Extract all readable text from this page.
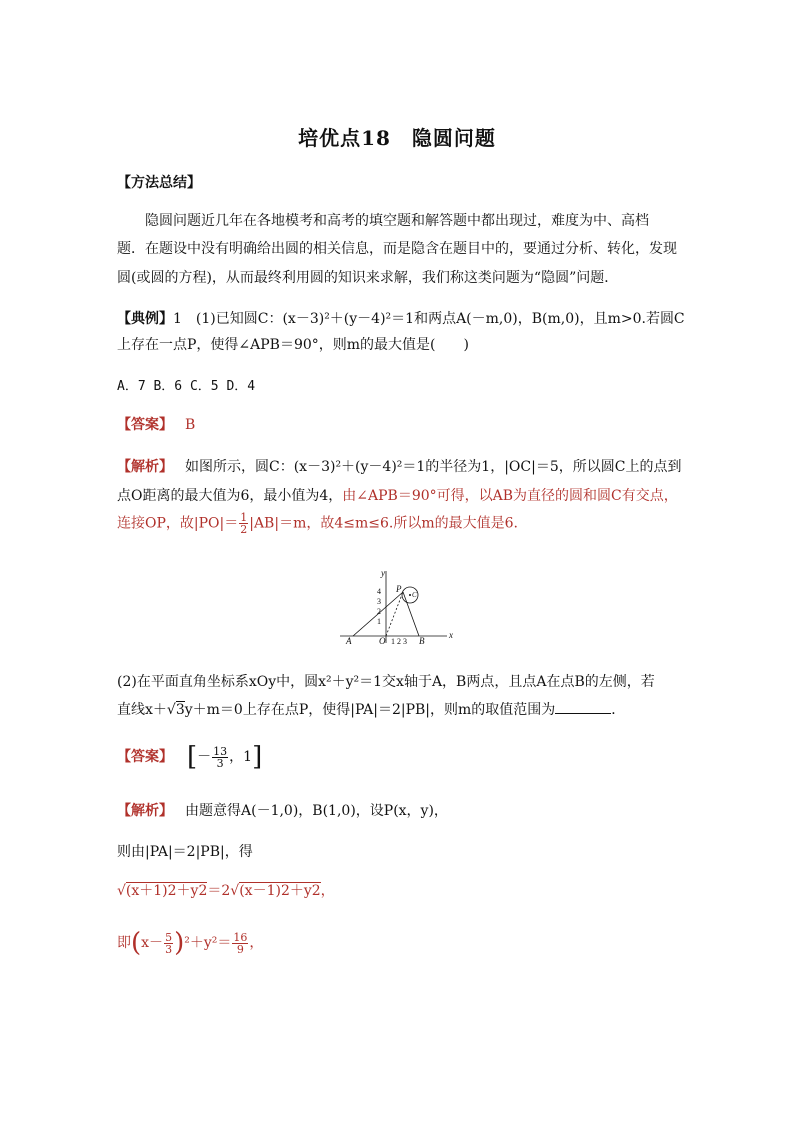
培优点18　隐圆问题
【方法总结】
隐圆问题近几年在各地模考和高考的填空题和解答题中都出现过，难度为中、高档
题．在题设中没有明确给出圆的相关信息，而是隐含在题目中的，要通过分析、转化，发现
圆(或圆的方程)，从而最终利用圆的知识来求解，我们称这类问题为“隐圆”问题．
【典例】1 (1)已知圆C：(x－3)²＋(y－4)²＝1和两点A(－m,0)，B(m,0)，且m>0.若圆C
上存在一点P，使得∠APB＝90°，则m的最大值是(　　)
A．7 B．6 C．5 D．4
【答案】 B
【解析】 如图所示，圆C：(x－3)²＋(y－4)²＝1的半径为1，|OC|＝5，所以圆C上的点到
点O距离的最大值为6，最小值为4，由∠APB＝90°可得，以AB为直径的圆和圆C有交点，
连接OP，故$|PO|= \frac{1}{2} |AB|=m$，故4≤m≤6.所以m的最大值是6.
x
y
A	O	B
P
C
1 2 3
4
3
2
1
(2)在平面直角坐标系xOy中，圆x²＋y²＝1交x轴于A，B两点，且点A在点B的左侧，若
直线x＋√3y＋m＝0上存在点P，使得|PA|＝2|PB|，则m的取值范围为	．
【答案】 [－ $\frac{13}{3}$ ，1]
【解析】 由题意得A(－1,0)，B(1,0)，设P(x，y)，
则由|PA|＝2|PB|，得
√(x＋1)2＋y2＝2√(x－1)2＋y2，
即$(x- \frac{5}{3} )^2+y^2= \frac{16}{9}$ ，
